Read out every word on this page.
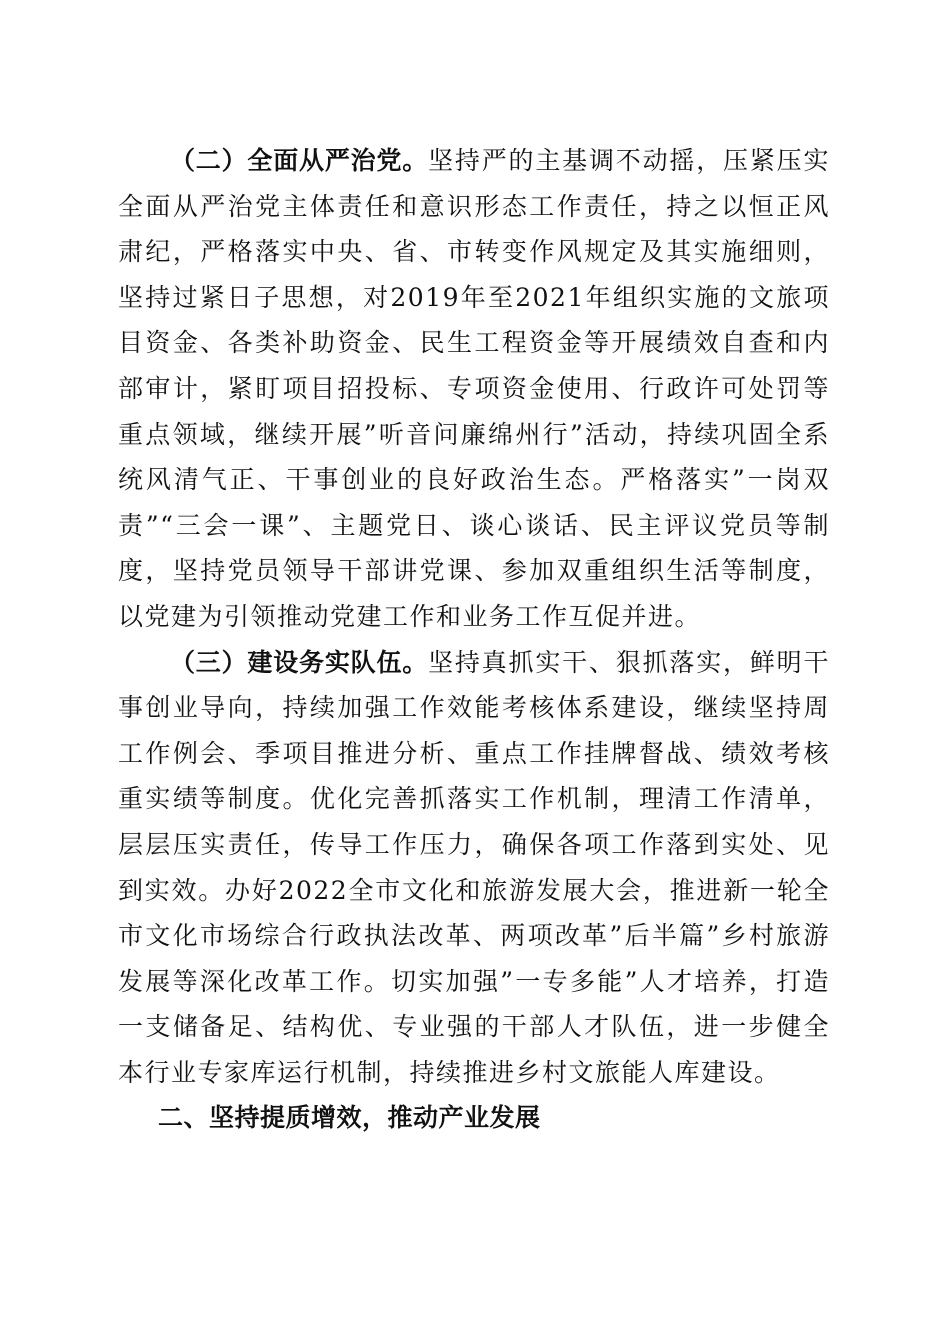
（二）全面从严治党。坚持严的主基调不动摇，压紧压实全面从严治党主体责任和意识形态工作责任，持之以恒正风肃纪，严格落实中央、省、市转变作风规定及其实施细则，坚持过紧日子思想，对2019年至2021年组织实施的文旅项目资金、各类补助资金、民生工程资金等开展绩效自查和内部审计，紧盯项目招投标、专项资金使用、行政许可处罚等重点领域，继续开展”听音问廉绵州行”活动，持续巩固全系统风清气正、干事创业的良好政治生态。严格落实”一岗双责”“三会一课”、主题党日、谈心谈话、民主评议党员等制度，坚持党员领导干部讲党课、参加双重组织生活等制度，以党建为引领推动党建工作和业务工作互促并进。

（三）建设务实队伍。坚持真抓实干、狠抓落实，鲜明干事创业导向，持续加强工作效能考核体系建设，继续坚持周工作例会、季项目推进分析、重点工作挂牌督战、绩效考核重实绩等制度。优化完善抓落实工作机制，理清工作清单，层层压实责任，传导工作压力，确保各项工作落到实处、见到实效。办好2022全市文化和旅游发展大会，推进新一轮全市文化市场综合行政执法改革、两项改革”后半篇”乡村旅游发展等深化改革工作。切实加强”一专多能”人才培养，打造一支储备足、结构优、专业强的干部人才队伍，进一步健全本行业专家库运行机制，持续推进乡村文旅能人库建设。

二、坚持提质增效，推动产业发展
